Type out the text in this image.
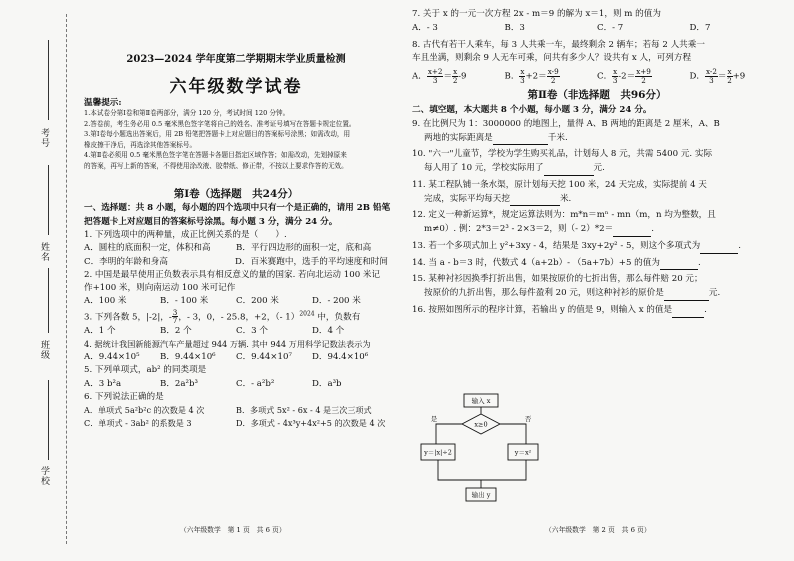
考号
姓名
班级
学校
2023—2024 学年度第二学期期末学业质量检测
六年级数学试卷
温馨提示:
1.本试卷分第Ⅰ卷和第Ⅱ卷两部分，满分 120 分，考试时间 120 分钟。
2.答卷前，考生务必用 0.5 毫米黑色签字笔将自己的姓名、准考证号填写在答题卡规定位置。
3.第Ⅰ卷每小题选出答案后，用 2B 铅笔把答题卡上对应题目的答案标号涂黑；如需改动，用
橡皮擦干净后，再选涂其他答案标号。
4.第Ⅱ卷必须用 0.5 毫米黑色签字笔在答题卡各题目指定区域作答；如需改动，先划掉原来
的答案，再写上新的答案，不得使用涂改液、胶带纸、修正带，不按以上要求作答的无效。
第Ⅰ卷（选择题　共24分）
一、选择题：共 8 小题，每小题的四个选项中只有一个是正确的，请用 2B 铅笔
把答题卡上对应题目的答案标号涂黑。每小题 3 分，满分 24 分。
1. 下列选项中的两种量，成正比例关系的是（　　）.
A．圆柱的底面积一定，体积和高	B．平行四边形的面积一定，底和高
C．李明的年龄和身高	D．百米赛跑中，选手的平均速度和时间
2. 中国是最早使用正负数表示具有相反意义的量的国家. 若向北运动 100 米记
作+100 米，则向南运动 100 米可记作
A．100 米	B．- 100 米	C．200 米	D．- 200 米
3. 下列各数 5，|-2|，- $\frac{3}{7}$ ，- 3，0，- 25.8，+2，（- 1）$^{2024}$ 中，负数有
A．1 个	B．2 个	C．3 个	D．4 个
4. 据统计我国新能源汽车产量超过 944 万辆. 其中 944 万用科学记数法表示为
A．9.44×10⁵	B．9.44×10⁶	C．9.44×10⁷	D．94.4×10⁶
5. 下列单项式，ab² 的同类项是
A．3 b²a	B．2a²b³	C．- a²b²	D．a³b
6. 下列说法正确的是
A．单项式 5a²b²c 的次数是 4 次	B．多项式 5x² - 6x - 4 是三次三项式
C．单项式 - 3ab² 的系数是 3	D．多项式 - 4x³y+4x²+5 的次数是 4 次
（六年级数学　第 1 页　共 6 页）
7. 关于 x 的一元一次方程 2x - m＝9 的解为 x＝1，则 m 的值为
A．- 3	B．3	C．- 7	D．7
8. 古代有若干人乘车，每 3 人共乘一车，最终剩余 2 辆车；若每 2 人共乘一
车且坐满，则剩余 9 人无车可乘，问共有多少人？设共有 x 人，可列方程
A． $\frac{x+2}{3} = \frac{x}{2} -9$	B． $\frac{x}{3} +2= \frac{x-9}{2}$	C． $\frac{x}{3} -2= \frac{x+9}{2}$	D． $\frac{x-2}{3} = \frac{x}{2} +9$
第Ⅱ卷（非选择题　共96分）
二、填空题，本大题共 8 个小题，每小题 3 分，满分 24 分。
9. 在比例尺为 1：3000000 的地图上，量得 A、B 两地的距离是 2 厘米，A、B
两地的实际距离是	千米.
10. "六一"儿童节，学校为学生购买礼品，计划每人 8 元，共需 5400 元. 实际
每人用了 10 元，学校实际用了	元.
11. 某工程队铺一条水渠，原计划每天挖 100 米，24 天完成，实际提前 4 天
完成，实际平均每天挖	米.
12. 定义一种新运算*，规定运算法则为：m*n＝mⁿ - mn（m，n 均为整数，且
m≠0）. 例：2*3＝2³ - 2×3＝2，则（- 2）*2＝	.
13. 若一个多项式加上 y²+3xy - 4，结果是 3xy+2y² - 5，则这个多项式为	.
14. 当 a - b＝3 时，代数式 4（a+2b）- （5a+7b）+5 的值为	.
15. 某种衬衫因换季打折出售，如果按原价的七折出售，那么每件赔 20 元；
按原价的九折出售，那么每件盈利 20 元，则这种衬衫的原价是	元.
16. 按照如图所示的程序计算，若输出 y 的值是 9，则输入 x 的值是	.
输入 x
x≥0
是	否
y＝|x|÷2	y＝x²
输出 y
（六年级数学　第 2 页　共 6 页）
